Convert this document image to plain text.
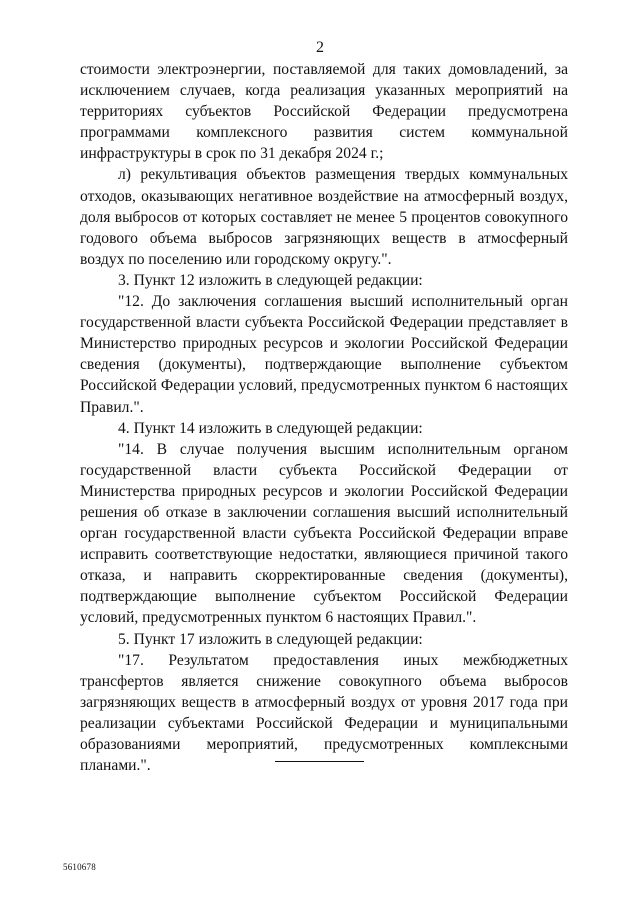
2

стоимости электроэнергии, поставляемой для таких домовладений, за исключением случаев, когда реализация указанных мероприятий на территориях субъектов Российской Федерации предусмотрена программами комплексного развития систем коммунальной инфраструктуры в срок по 31 декабря 2024 г.;

л) рекультивация объектов размещения твердых коммунальных отходов, оказывающих негативное воздействие на атмосферный воздух, доля выбросов от которых составляет не менее 5 процентов совокупного годового объема выбросов загрязняющих веществ в атмосферный воздух по поселению или городскому округу.".

3. Пункт 12 изложить в следующей редакции:

"12. До заключения соглашения высший исполнительный орган государственной власти субъекта Российской Федерации представляет в Министерство природных ресурсов и экологии Российской Федерации сведения (документы), подтверждающие выполнение субъектом Российской Федерации условий, предусмотренных пунктом 6 настоящих Правил.".

4. Пункт 14 изложить в следующей редакции:

"14. В случае получения высшим исполнительным органом государственной власти субъекта Российской Федерации от Министерства природных ресурсов и экологии Российской Федерации решения об отказе в заключении соглашения высший исполнительный орган государственной власти субъекта Российской Федерации вправе исправить соответствующие недостатки, являющиеся причиной такого отказа, и направить скорректированные сведения (документы), подтверждающие выполнение субъектом Российской Федерации условий, предусмотренных пунктом 6 настоящих Правил.".

5. Пункт 17 изложить в следующей редакции:

"17. Результатом предоставления иных межбюджетных трансфертов является снижение совокупного объема выбросов загрязняющих веществ в атмосферный воздух от уровня 2017 года при реализации субъектами Российской Федерации и муниципальными образованиями мероприятий, предусмотренных комплексными планами.".

5610678
